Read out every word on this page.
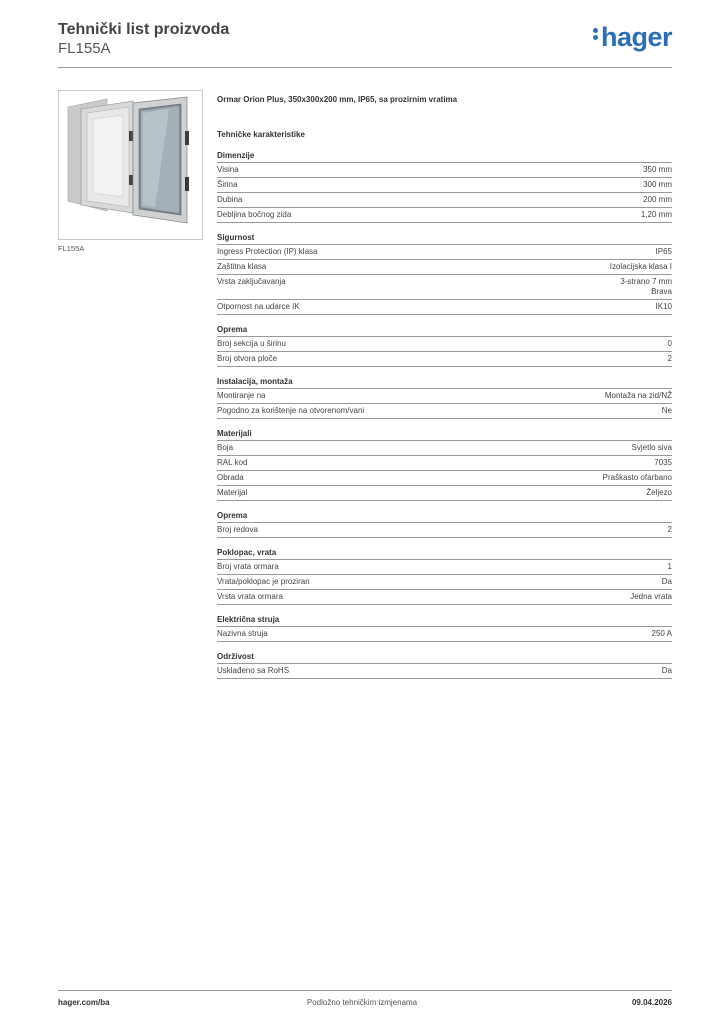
Tehnički list proizvoda
FL155A	hager
FL155A
Ormar Orion Plus, 350x300x200 mm, IP65, sa prozirnim vratima
Tehničke karakteristike
Dimenzije
Visina	350 mm
Širina	300 mm
Dubina	200 mm
Debljina bočnog zida	1,20 mm
Sigurnost
Ingress Protection (IP) klasa	IP65
Zaštitna klasa	Izolacijska klasa I
Vrsta zaključavanja	3-strano 7 mm
Brava
Otpornost na udarce IK	IK10
Oprema
Broj sekcija u širinu	0
Broj otvora ploče	2
Instalacija, montaža
Montiranje na	Montaža na zid/NŽ
Pogodno za korištenje na otvorenom/vani	Ne
Materijali
Boja	Svjetlo siva
RAL kod	7035
Obrada	Praškasto ofarbano
Materijal	Željezo
Oprema
Broj redova	2
Poklopac, vrata
Broj vrata ormara	1
Vrata/poklopac je proziran	Da
Vrsta vrata ormara	Jedna vrata
Električna struja
Nazivna struja	250 A
Održivost
Usklađeno sa RoHS	Da
hager.com/ba	Podložno tehničkim izmjenama	09.04.2026
